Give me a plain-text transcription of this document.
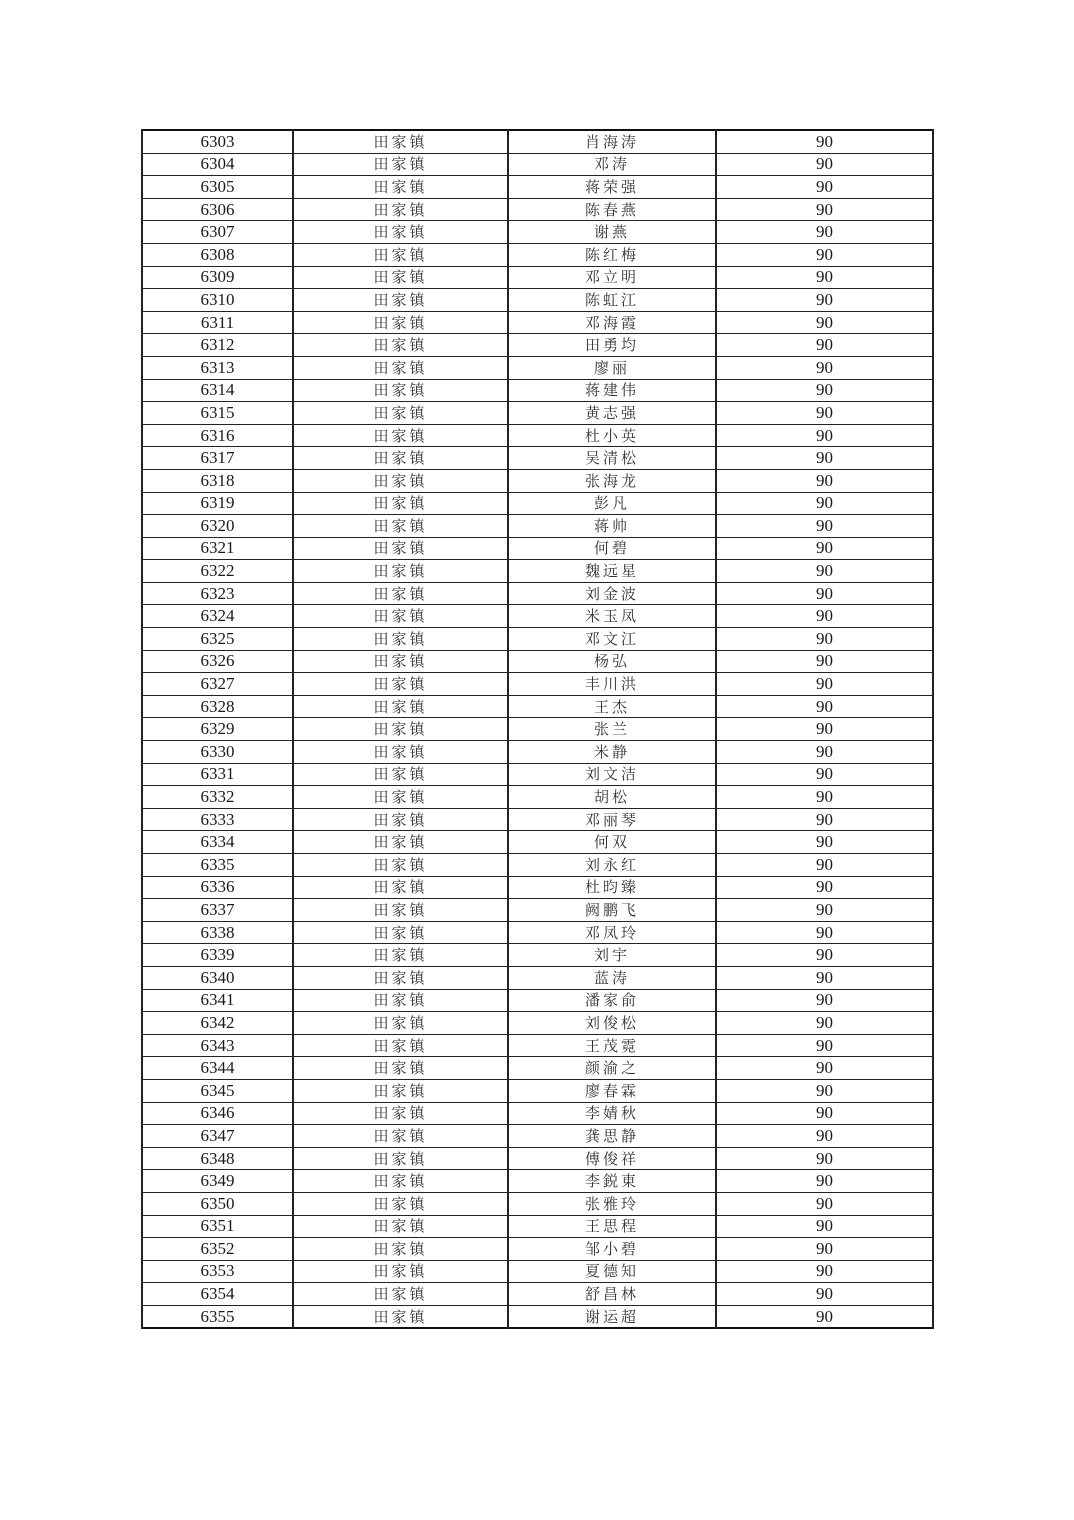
6303	田家镇	肖海涛	90
6304	田家镇	邓涛	90
6305	田家镇	蒋荣强	90
6306	田家镇	陈春燕	90
6307	田家镇	谢燕	90
6308	田家镇	陈红梅	90
6309	田家镇	邓立明	90
6310	田家镇	陈虹江	90
6311	田家镇	邓海霞	90
6312	田家镇	田勇均	90
6313	田家镇	廖丽	90
6314	田家镇	蒋建伟	90
6315	田家镇	黄志强	90
6316	田家镇	杜小英	90
6317	田家镇	吴清松	90
6318	田家镇	张海龙	90
6319	田家镇	彭凡	90
6320	田家镇	蒋帅	90
6321	田家镇	何碧	90
6322	田家镇	魏远星	90
6323	田家镇	刘金波	90
6324	田家镇	米玉凤	90
6325	田家镇	邓文江	90
6326	田家镇	杨弘	90
6327	田家镇	丰川洪	90
6328	田家镇	王杰	90
6329	田家镇	张兰	90
6330	田家镇	米静	90
6331	田家镇	刘文洁	90
6332	田家镇	胡松	90
6333	田家镇	邓丽琴	90
6334	田家镇	何双	90
6335	田家镇	刘永红	90
6336	田家镇	杜昀臻	90
6337	田家镇	阙鹏飞	90
6338	田家镇	邓凤玲	90
6339	田家镇	刘宇	90
6340	田家镇	蓝涛	90
6341	田家镇	潘家俞	90
6342	田家镇	刘俊松	90
6343	田家镇	王茂霓	90
6344	田家镇	颜渝之	90
6345	田家镇	廖春霖	90
6346	田家镇	李婧秋	90
6347	田家镇	龚思静	90
6348	田家镇	傅俊祥	90
6349	田家镇	李鋭東	90
6350	田家镇	张雅玲	90
6351	田家镇	王思程	90
6352	田家镇	邹小碧	90
6353	田家镇	夏德知	90
6354	田家镇	舒昌林	90
6355	田家镇	谢运超	90
